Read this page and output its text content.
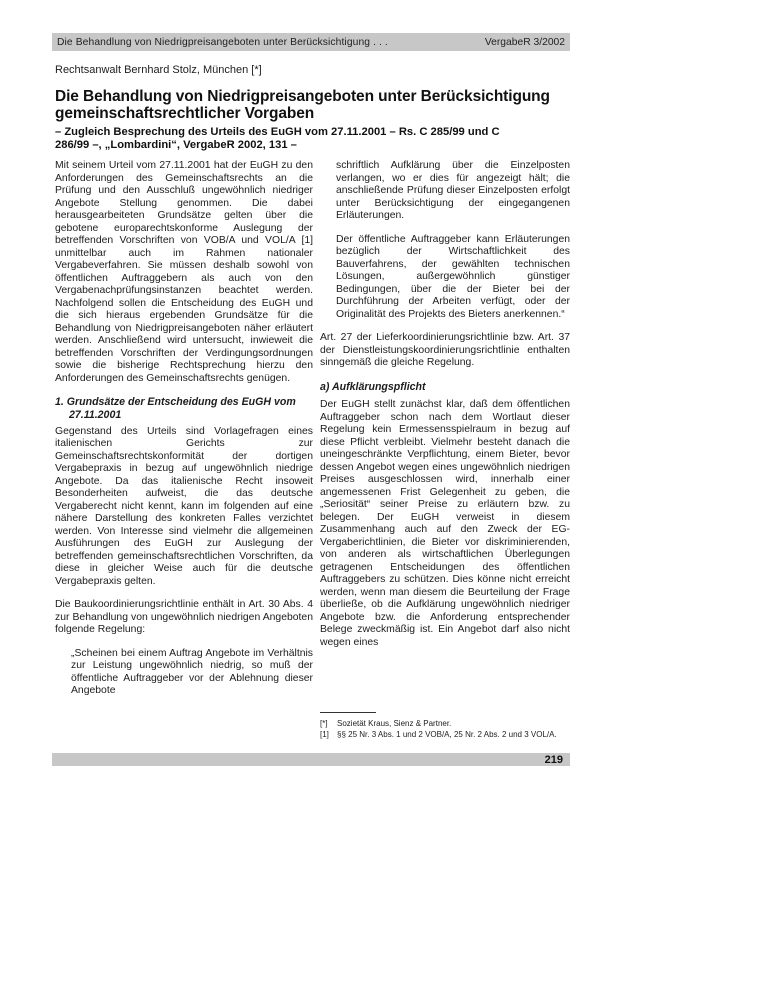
Die Behandlung von Niedrigpreisangeboten unter Berücksichtigung . . .	VergabeR 3/2002
Rechtsanwalt Bernhard Stolz, München [*]
Die Behandlung von Niedrigpreisangeboten unter Berücksichtigung gemeinschaftsrechtlicher Vorgaben
– Zugleich Besprechung des Urteils des EuGH vom 27.11.2001 – Rs. C 285/99 und C 286/99 –, „Lombardini“, VergabeR 2002, 131 –

Mit seinem Urteil vom 27.11.2001 hat der EuGH zu den Anforderungen des Gemeinschaftsrechts an die Prüfung und den Ausschluß ungewöhnlich niedriger Angebote Stellung genommen. Die dabei herausgearbeiteten Grundsätze gelten über die gebotene europarechtskonforme Auslegung der betreffenden Vorschriften von VOB/A und VOL/A [1] unmittelbar auch im Rahmen nationaler Vergabeverfahren. Sie müssen deshalb sowohl von öffentlichen Auftraggebern als auch von den Vergabenachprüfungsinstanzen beachtet werden. Nachfolgend sollen die Entscheidung des EuGH und die sich hieraus ergebenden Grundsätze für die Behandlung von Niedrigpreisangeboten näher erläutert werden. Anschließend wird untersucht, inwieweit die betreffenden Vorschriften der Verdingungsordnungen sowie die bisherige Rechtsprechung hierzu den Anforderungen des Gemeinschaftsrechts genügen.

1. Grundsätze der Entscheidung des EuGH vom 27.11.2001

Gegenstand des Urteils sind Vorlagefragen eines italienischen Gerichts zur Gemeinschaftsrechtskonformität der dortigen Vergabepraxis in bezug auf ungewöhnlich niedrige Angebote. Da das italienische Recht insoweit Besonderheiten aufweist, die das deutsche Vergaberecht nicht kennt, kann im folgenden auf eine nähere Darstellung des konkreten Falles verzichtet werden. Von Interesse sind vielmehr die allgemeinen Ausführungen des EuGH zur Auslegung der betreffenden gemeinschaftsrechtlichen Vorschriften, da diese in gleicher Weise auch für die deutsche Vergabepraxis gelten.

Die Baukoordinierungsrichtlinie enthält in Art. 30 Abs. 4 zur Behandlung von ungewöhnlich niedrigen Angeboten folgende Regelung:

„Scheinen bei einem Auftrag Angebote im Verhältnis zur Leistung ungewöhnlich niedrig, so muß der öffentliche Auftraggeber vor der Ablehnung dieser Angebote

schriftlich Aufklärung über die Einzelposten verlangen, wo er dies für angezeigt hält; die anschließende Prüfung dieser Einzelposten erfolgt unter Berücksichtigung der eingegangenen Erläuterungen.

Der öffentliche Auftraggeber kann Erläuterungen bezüglich der Wirtschaftlichkeit des Bauverfahrens, der gewählten technischen Lösungen, außergewöhnlich günstiger Bedingungen, über die der Bieter bei der Durchführung der Arbeiten verfügt, oder der Originalität des Projekts des Bieters anerkennen.“

Art. 27 der Lieferkoordinierungsrichtlinie bzw. Art. 37 der Dienstleistungskoordinierungsrichtlinie enthalten sinngemäß die gleiche Regelung.

a) Aufklärungspflicht

Der EuGH stellt zunächst klar, daß dem öffentlichen Auftraggeber schon nach dem Wortlaut dieser Regelung kein Ermessensspielraum in bezug auf diese Pflicht verbleibt. Vielmehr besteht danach die uneingeschränkte Verpflichtung, einem Bieter, bevor dessen Angebot wegen eines ungewöhnlich niedrigen Preises ausgeschlossen wird, innerhalb einer angemessenen Frist Gelegenheit zu geben, die „Seriosität“ seiner Preise zu erläutern bzw. zu belegen. Der EuGH verweist in diesem Zusammenhang auch auf den Zweck der EG-Vergaberichtlinien, die Bieter vor diskriminierenden, von anderen als wirtschaftlichen Überlegungen getragenen Entscheidungen des öffentlichen Auftraggebers zu schützen. Dies könne nicht erreicht werden, wenn man diesem die Beurteilung der Frage überließe, ob die Aufklärung ungewöhnlich niedriger Angebote bzw. die Anforderung entsprechender Belege zweckmäßig ist. Ein Angebot darf also nicht wegen eines

[*]	Sozietät Kraus, Sienz & Partner.
[1]	§§ 25 Nr. 3 Abs. 1 und 2 VOB/A, 25 Nr. 2 Abs. 2 und 3 VOL/A.
219
